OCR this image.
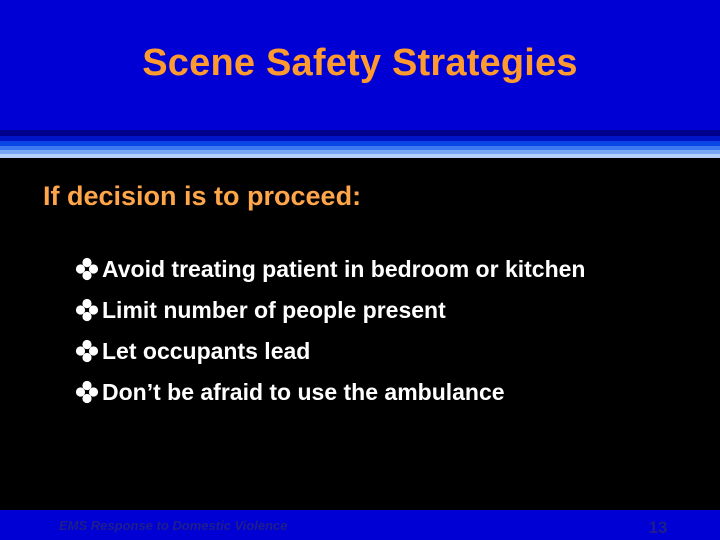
Scene Safety Strategies
If decision is to proceed:
Avoid treating patient in bedroom or kitchen
Limit number of people present
Let occupants lead
Don’t be afraid to use the ambulance
EMS Response to Domestic Violence	13
